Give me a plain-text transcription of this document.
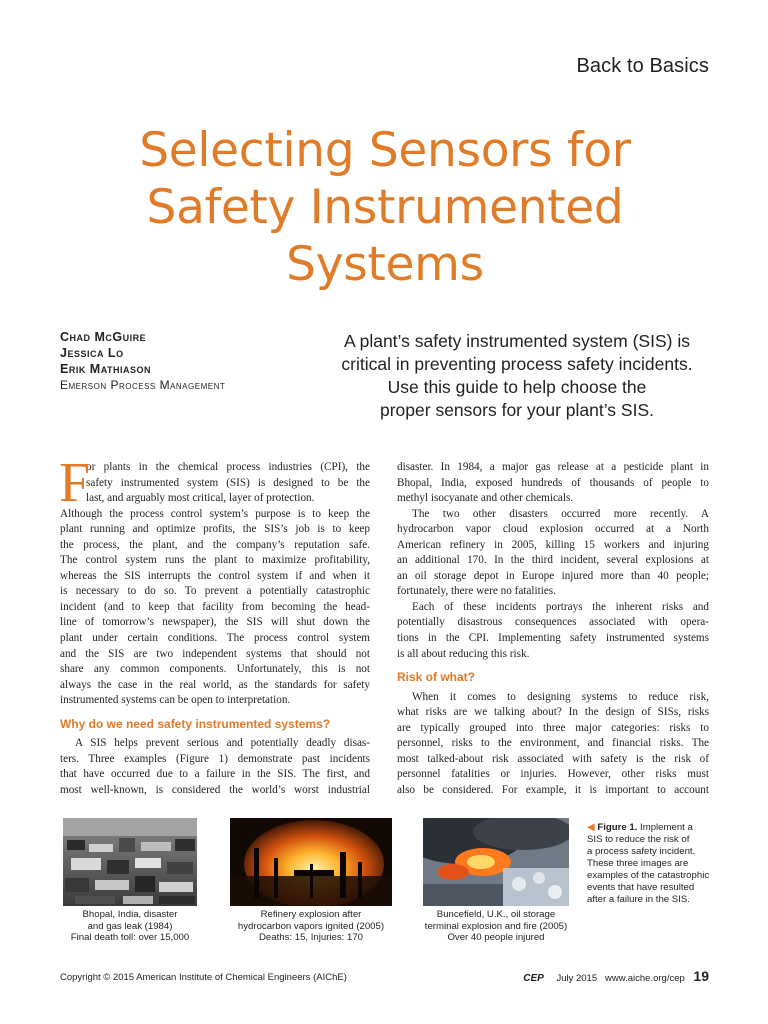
Back to Basics
Selecting Sensors for
Safety Instrumented
Systems
Chad McGuire
Jessica Lo
Erik Mathiason
Emerson Process Management
A plant’s safety instrumented system (SIS) is
critical in preventing process safety incidents.
Use this guide to help choose the
proper sensors for your plant’s SIS.
F
or plants in the chemical process industries (CPI), the
safety instrumented system (SIS) is designed to be the
last, and arguably most critical, layer of protection.
Although the process control system’s purpose is to keep the
plant running and optimize profits, the SIS’s job is to keep
the process, the plant, and the company’s reputation safe.
The control system runs the plant to maximize profitability,
whereas the SIS interrupts the control system if and when it
is necessary to do so. To prevent a potentially catastrophic
incident (and to keep that facility from becoming the head-
line of tomorrow’s newspaper), the SIS will shut down the
plant under certain conditions. The process control system
and the SIS are two independent systems that should not
share any common components. Unfortunately, this is not
always the case in the real world, as the standards for safety
instrumented systems can be open to interpretation.
Why do we need safety instrumented systems?
A SIS helps prevent serious and potentially deadly disas-
ters. Three examples (Figure 1) demonstrate past incidents
that have occurred due to a failure in the SIS. The first, and
most well-known, is considered the world’s worst industrial
disaster. In 1984, a major gas release at a pesticide plant in
Bhopal, India, exposed hundreds of thousands of people to
methyl isocyanate and other chemicals.
The two other disasters occurred more recently. A
hydrocarbon vapor cloud explosion occurred at a North
American refinery in 2005, killing 15 workers and injuring
an additional 170. In the third incident, several explosions at
an oil storage depot in Europe injured more than 40 people;
fortunately, there were no fatalities.
Each of these incidents portrays the inherent risks and
potentially disastrous consequences associated with opera-
tions in the CPI. Implementing safety instrumented systems
is all about reducing this risk.
Risk of what?
When it comes to designing systems to reduce risk,
what risks are we talking about? In the design of SISs, risks
are typically grouped into three major categories: risks to
personnel, risks to the environment, and financial risks. The
most talked-about risk associated with safety is the risk of
personnel fatalities or injuries. However, other risks must
also be considered. For example, it is important to account
Bhopal, India, disaster
and gas leak (1984)
Final death toll: over 15,000
Refinery explosion after
hydrocarbon vapors ignited (2005)
Deaths: 15, Injuries: 170
Buncefield, U.K., oil storage
terminal explosion and fire (2005)
Over 40 people injured
◀ Figure 1. Implement a
SIS to reduce the risk of
a process safety incident.
These three images are
examples of the catastrophic
events that have resulted
after a failure in the SIS.
Copyright © 2015 American Institute of Chemical Engineers (AIChE)	CEP July 2015 www.aiche.org/cep 19
